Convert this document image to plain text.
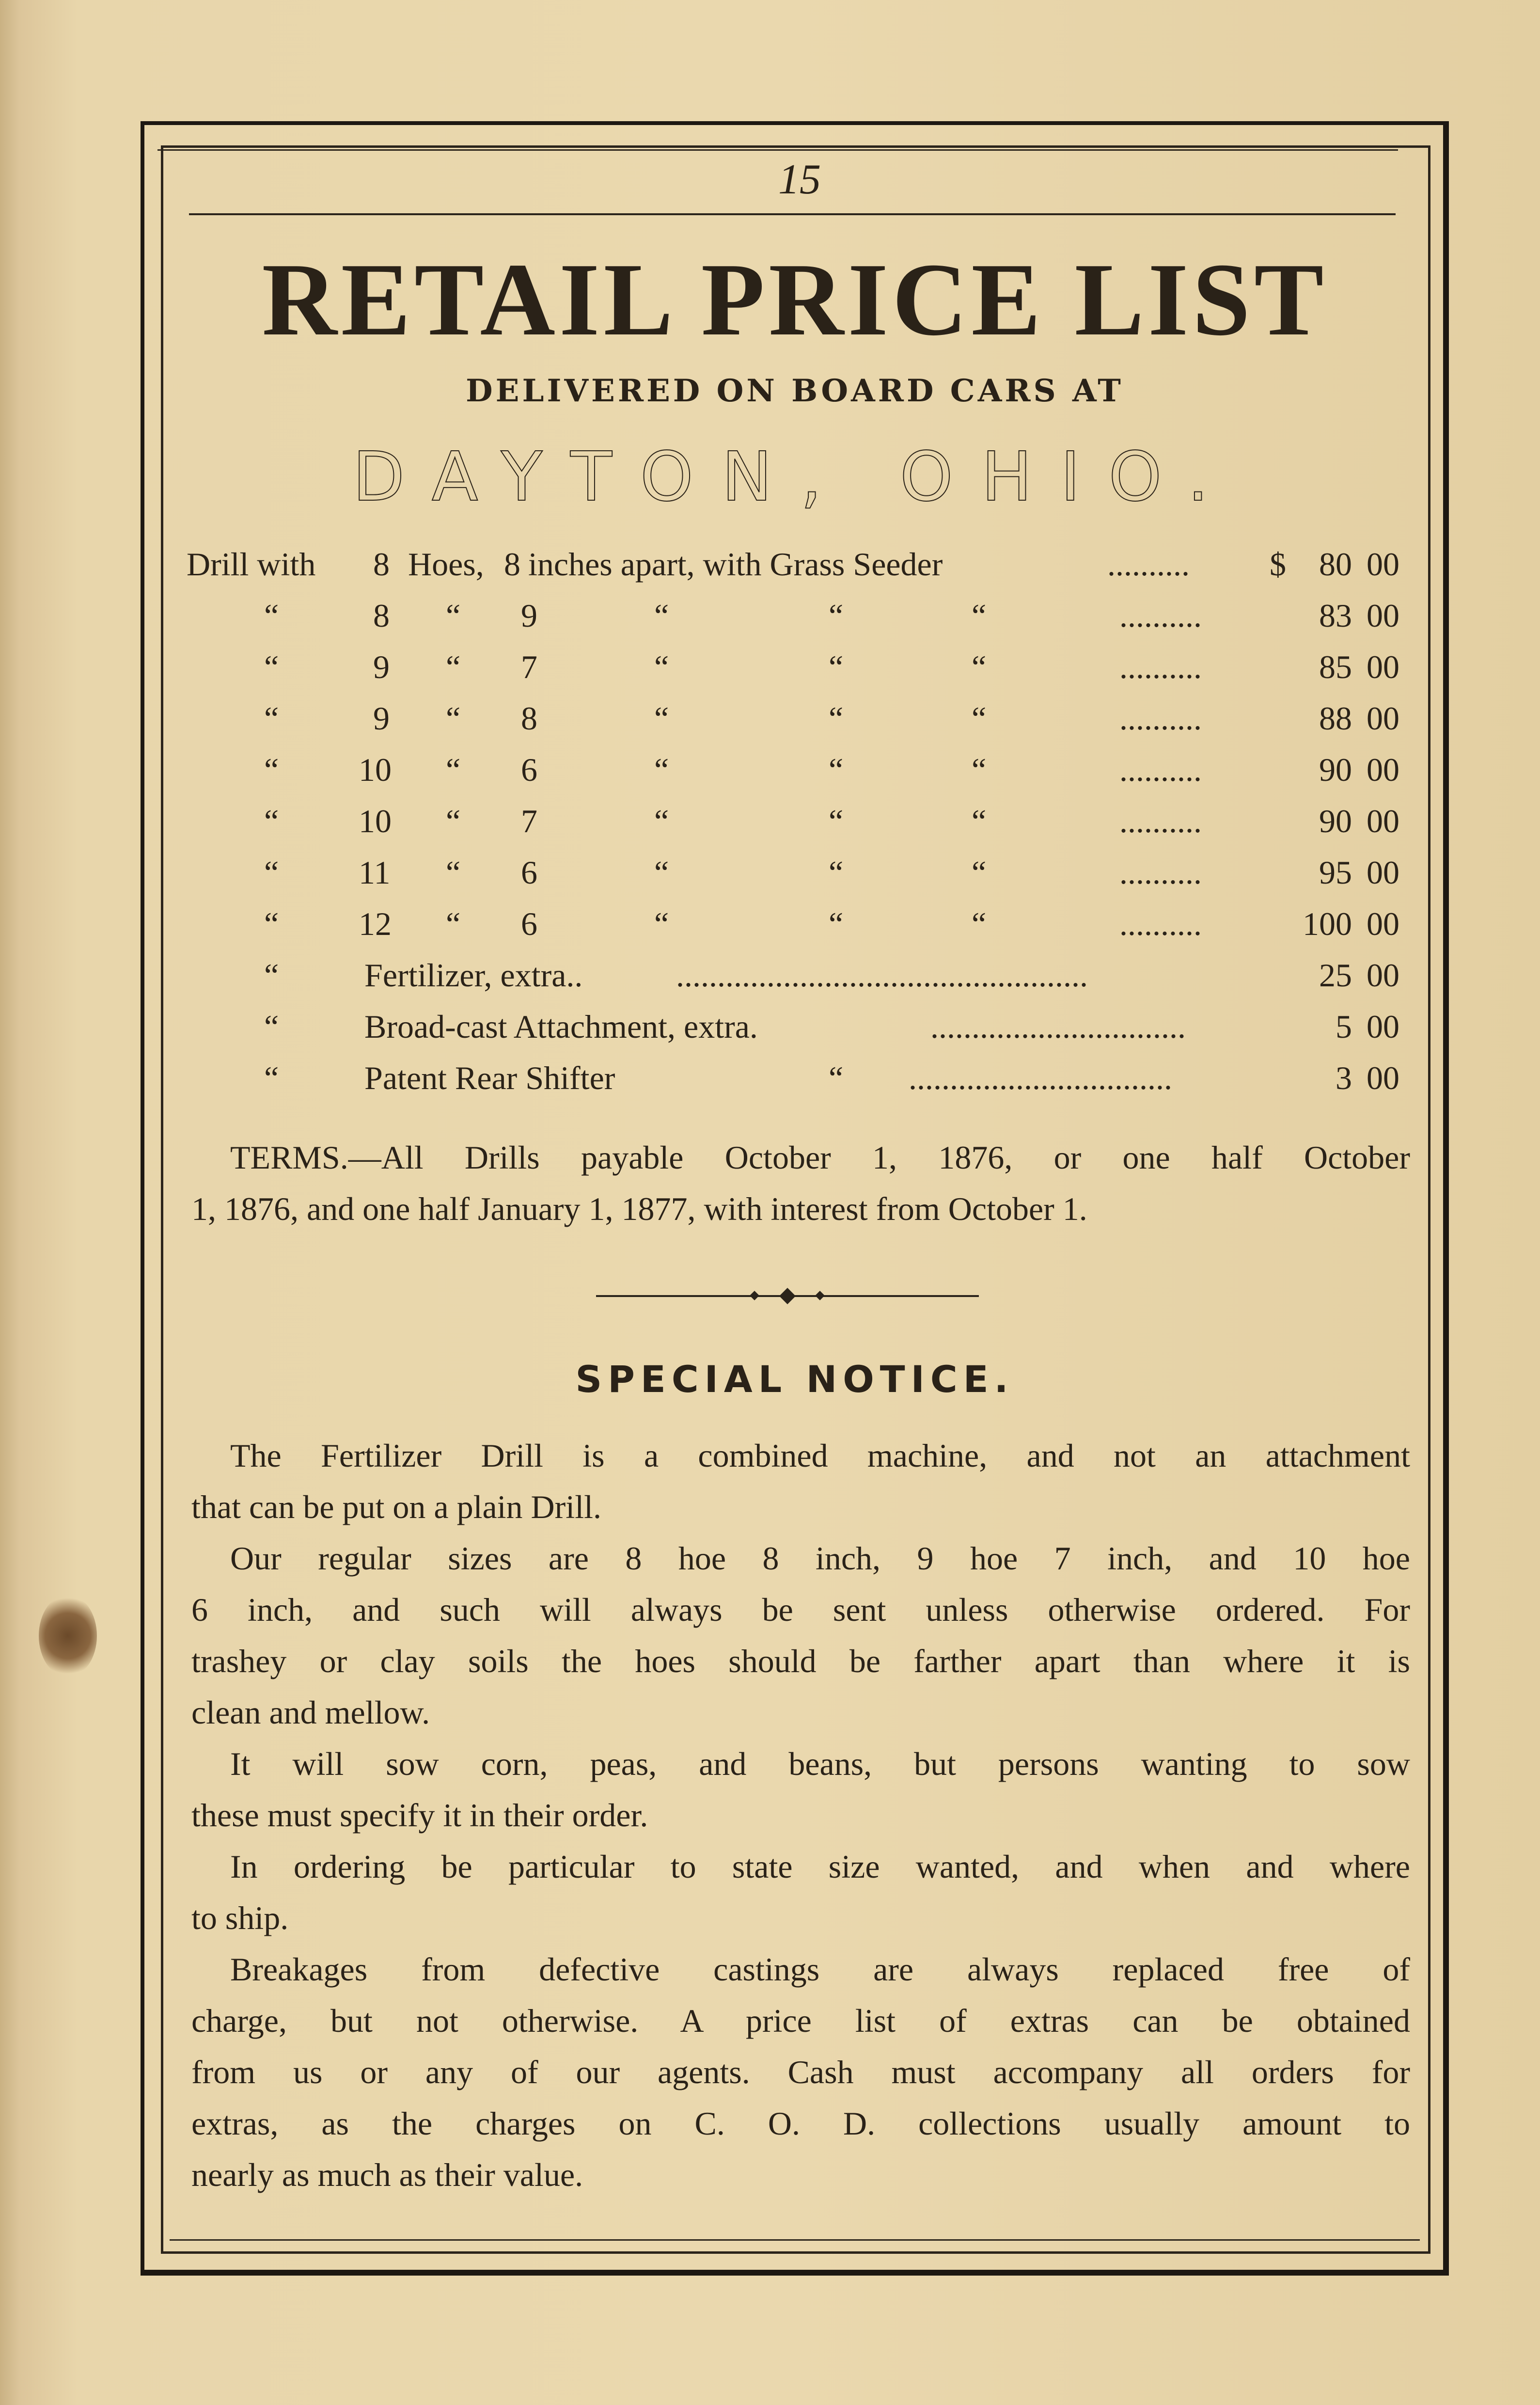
15
RETAIL PRICE LIST
DELIVERED ON BOARD CARS AT
DAYTON, OHIO.
Drill with 8 Hoes, 8 inches apart, with Grass Seeder	.......... $	80 00
“	8 “ 9	“	“	“	..........	83 00
“	9 “ 7	“	“	“	..........	85 00
“	9 “ 8	“	“	“	..........	88 00
“ 10 “ 6	“	“	“	..........	90 00
“ 10 “ 7	“	“	“	..........	90 00
“ 11 “ 6	“	“	“	..........	95 00
“ 12 “ 6	“	“	“	..........	100 00
“	Fertilizer, extra..	..................................................	25 00
“	Broad-cast Attachment, extra.	...............................	5 00
“	Patent Rear Shifter	“ ................................	3 00
TERMS.—All Drills payable October 1, 1876, or one half October
1, 1876, and one half January 1, 1877, with interest from October 1.
SPECIAL NOTICE.
The Fertilizer Drill is a combined machine, and not an attachment
that can be put on a plain Drill.
Our regular sizes are 8 hoe 8 inch, 9 hoe 7 inch, and 10 hoe
6 inch, and such will always be sent unless otherwise ordered. For
trashey or clay soils the hoes should be farther apart than where it is
clean and mellow.
It will sow corn, peas, and beans, but persons wanting to sow
these must specify it in their order.
In ordering be particular to state size wanted, and when and where
to ship.
Breakages from defective castings are always replaced free of
charge, but not otherwise. A price list of extras can be obtained
from us or any of our agents. Cash must accompany all orders for
extras, as the charges on C. O. D. collections usually amount to
nearly as much as their value.
